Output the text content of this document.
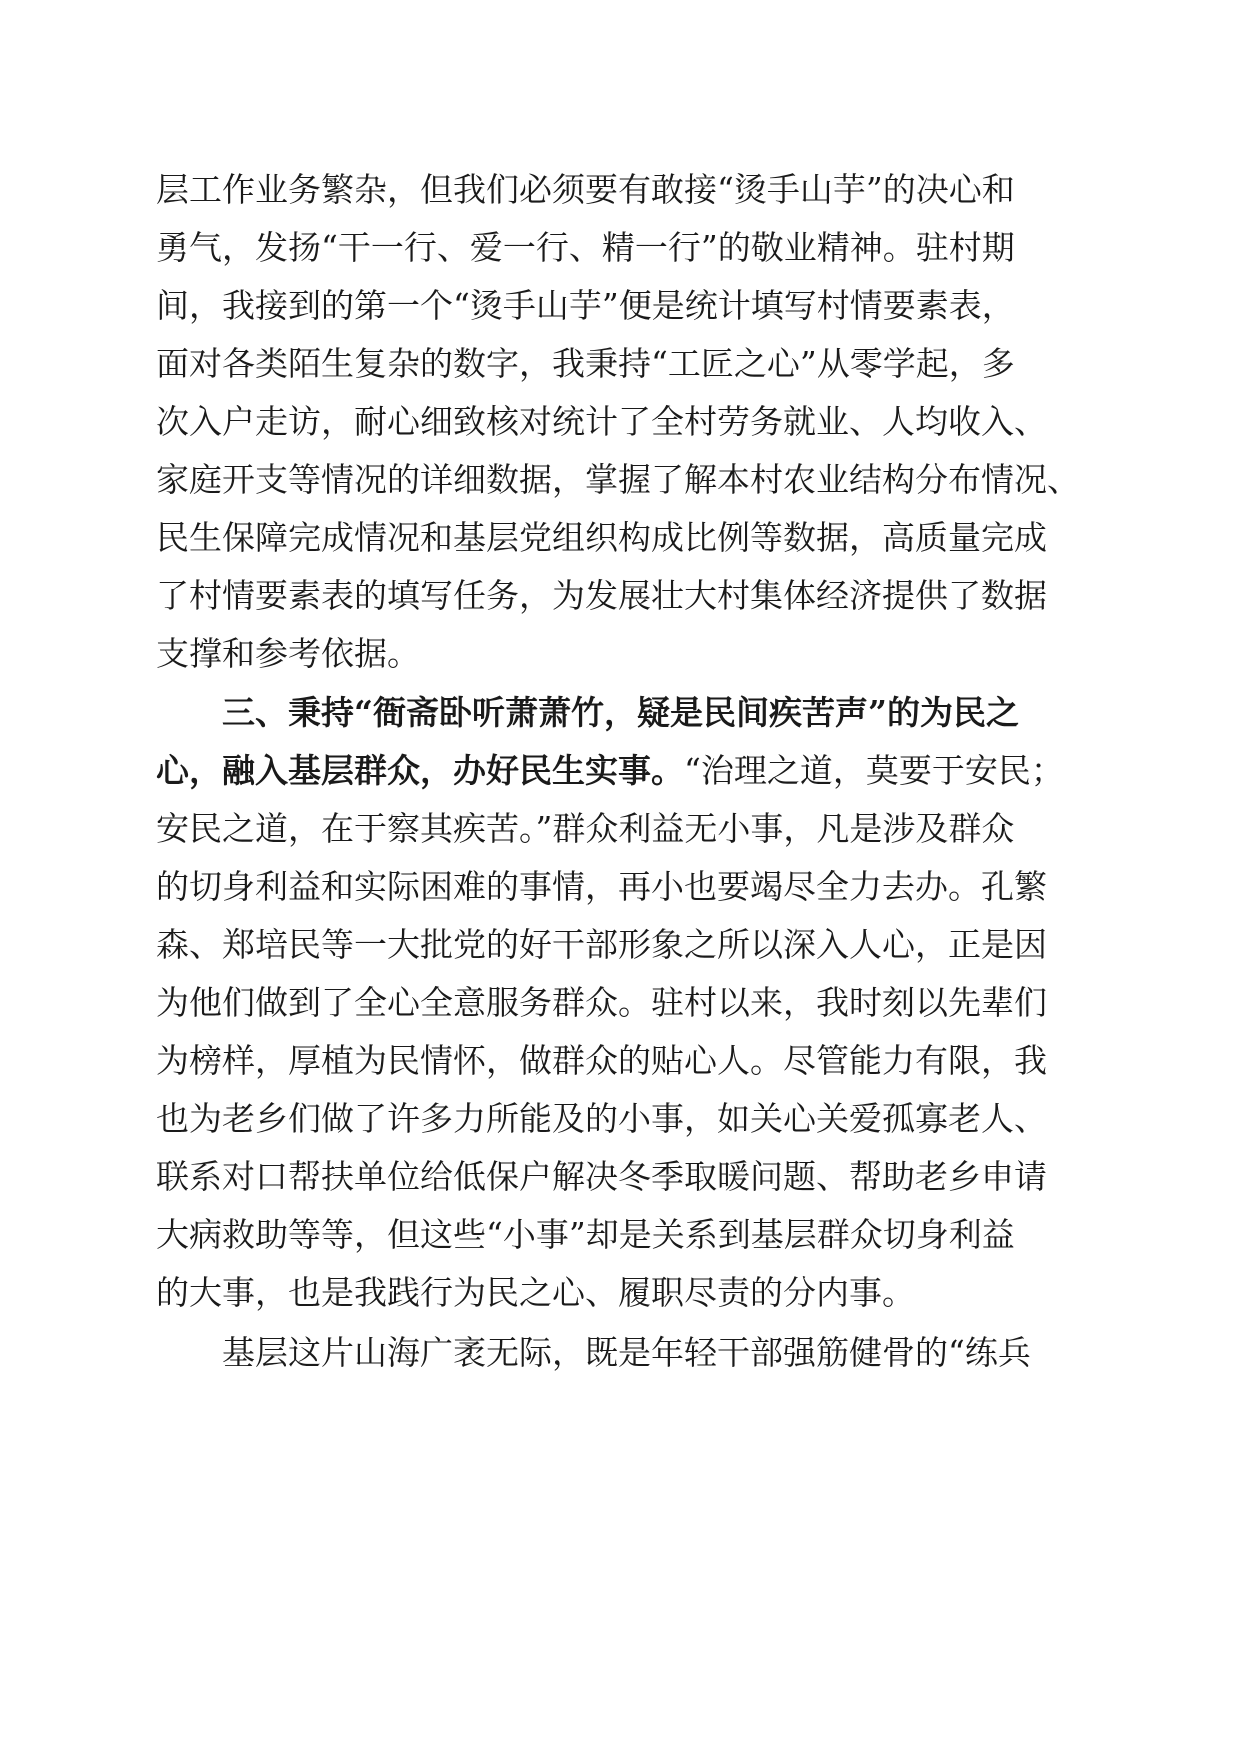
层工作业务繁杂，但我们必须要有敢接“烫手山芋”的决心和
勇气，发扬“干一行、爱一行、精一行”的敬业精神。驻村期
间，我接到的第一个“烫手山芋”便是统计填写村情要素表，
面对各类陌生复杂的数字，我秉持“工匠之心”从零学起，多
次入户走访，耐心细致核对统计了全村劳务就业、人均收入、
家庭开支等情况的详细数据，掌握了解本村农业结构分布情况、
民生保障完成情况和基层党组织构成比例等数据，高质量完成
了村情要素表的填写任务，为发展壮大村集体经济提供了数据
支撑和参考依据。
三、秉持“衙斋卧听萧萧竹，疑是民间疾苦声”的为民之
心，融入基层群众，办好民生实事。“治理之道，莫要于安民；
安民之道，在于察其疾苦。”群众利益无小事，凡是涉及群众
的切身利益和实际困难的事情，再小也要竭尽全力去办。孔繁
森、郑培民等一大批党的好干部形象之所以深入人心，正是因
为他们做到了全心全意服务群众。驻村以来，我时刻以先辈们
为榜样，厚植为民情怀，做群众的贴心人。尽管能力有限，我
也为老乡们做了许多力所能及的小事，如关心关爱孤寡老人、
联系对口帮扶单位给低保户解决冬季取暖问题、帮助老乡申请
大病救助等等，但这些“小事”却是关系到基层群众切身利益
的大事，也是我践行为民之心、履职尽责的分内事。
基层这片山海广袤无际，既是年轻干部强筋健骨的“练兵
